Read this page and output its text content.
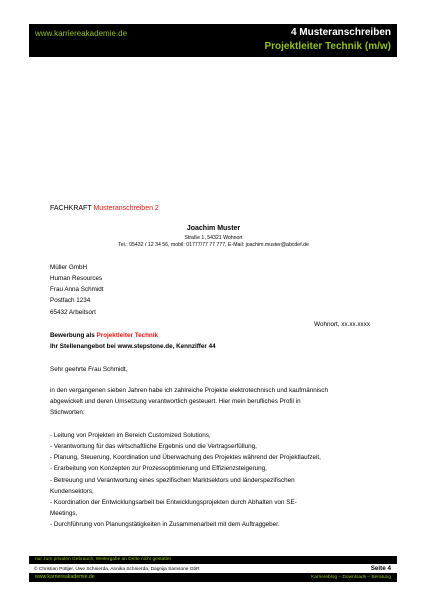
www.karriereakademie.de	4 Musteranschreiben
Projektleiter Technik (m/w)
FACHKRAFT Musteranschreiben 2
Joachim Muster
Straße 1, 54321 Wohnort
Tel.: 05432 / 12 34 56, mobil: 01777/77 77 777, E-Mail: joachim.muster@abcdef.de
Müller GmbH
Human Resources
Frau Anna Schmidt
Postfach 1234
65432 Arbeitsort
Wohnort, xx.xx.xxxx
Bewerbung als Projektleiter Technik
Ihr Stellenangebot bei www.stepstone.de, Kennziffer 44
Sehr geehrte Frau Schmidt,

in den vergangenen sieben Jahren habe ich zahlreiche Projekte elektrotechnisch und kaufmännisch

abgewickelt und deren Umsetzung verantwortlich gesteuert. Hier mein berufliches Profil in

Stichworten:

- Leitung von Projekten im Bereich Customized Solutions,

- Verantwortung für das wirtschaftliche Ergebnis und die Vertragserfüllung,

- Planung, Steuerung, Koordination und Überwachung des Projektes während der Projektlaufzeit,

- Erarbeitung von Konzepten zur Prozessoptimierung und Effizienzsteigerung,

- Betreuung und Verantwortung eines spezifischen Marktsektors und länderspezifischen

Kundensektors,

- Koordination der Entwicklungsarbeit bei Entwicklungsprojekten durch Abhalten von SE-

Meetings,

- Durchführung von Planungstätigkeiten in Zusammenarbeit mit dem Auftraggeber.

nur zum privaten Gebrauch, Weitergabe an Dritte nicht gestattet
© Christian Püttjer, Uwe Schnierda, Annika Schnierda, Dagnija Samsone GbR	Seite 4
www.karriereakademie.de	Karriereblog – Downloads – Beratung
